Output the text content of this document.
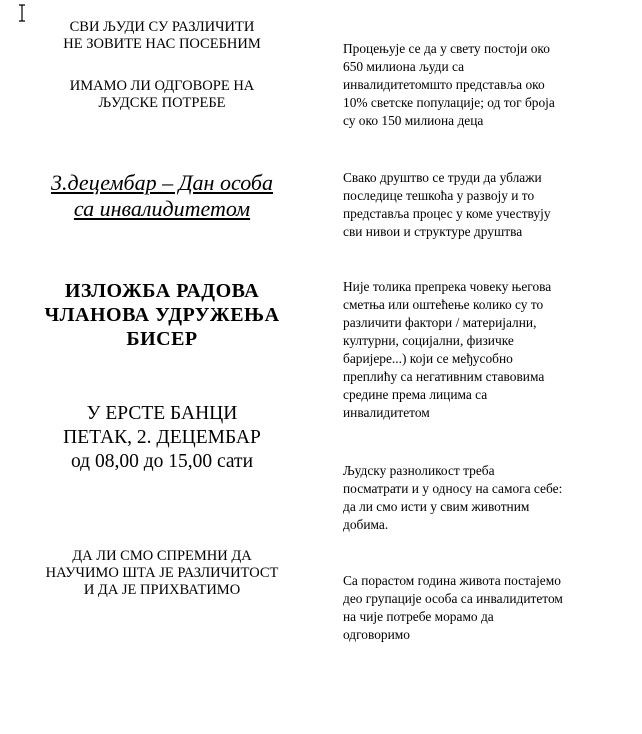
СВИ ЉУДИ СУ РАЗЛИЧИТИ
НЕ ЗОВИТЕ НАС ПОСЕБНИМ
ИМАМО ЛИ ОДГОВОРЕ НА
ЉУДСКЕ ПОТРЕБЕ
3.децембар – Дан особа
са инвалидитетом
ИЗЛОЖБА РАДОВА
ЧЛАНОВА УДРУЖЕЊА
БИСЕР
У ЕРСТЕ БАНЦИ
ПЕТАК, 2. ДЕЦЕМБАР
од 08,00 до 15,00 сати
ДА ЛИ СМО СПРЕМНИ ДА
НАУЧИМО ШТА ЈЕ РАЗЛИЧИТОСТ
И ДА ЈЕ ПРИХВАТИМО
Процењује се да у свету постоји око
650 милиона људи са
инвалидитетомшто представља око
10% светске популације; од тог броја
су око 150 милиона деца
Свако друштво се труди да ублажи
последице тешкоћа у развоју и то
представља процес у коме учествују
сви нивои и структуре друштва
Није толика препрека човеку његова
сметња или оштећење колико су то
различити фактори / материјални,
културни, социјални, физичке
баријере...) који се међусобно
преплићу са негативним ставовима
средине према лицима са
инвалидитетом
Људску разноликост треба
посматрати и у односу на самога себе:
да ли смо исти у свим животним
добима.
Са порастом година живота постајемо
део групације особа са инвалидитетом
на чије потребе морамо да
одговоримо
